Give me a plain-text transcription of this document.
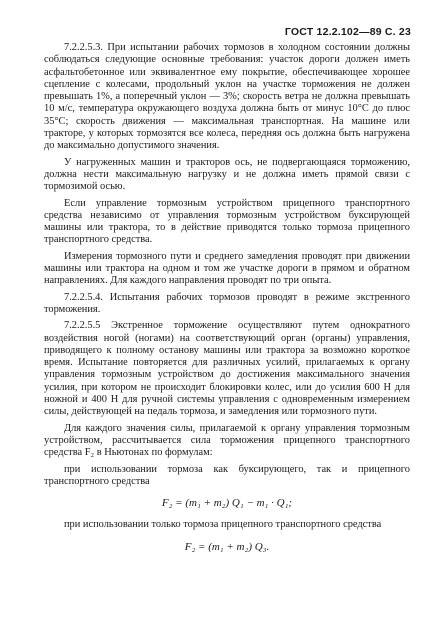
ГОСТ 12.2.102—89 С. 23

7.2.2.5.3. При испытании рабочих тормозов в холодном состоянии должны соблюдаться следующие основные требования: участок дороги должен иметь асфальтобетонное или эквивалентное ему покрытие, обеспечивающее хорошее сцепление с колесами, продольный уклон на участке торможения не должен превышать 1%, а поперечный уклон — 3%; скорость ветра не должна превышать 10 м/с, температура окружающего воздуха должна быть от минус 10°С до плюс 35°С; скорость движения — максимальная транспортная. На машине или тракторе, у которых тормозятся все колеса, передняя ось должна быть нагружена до максимально допустимого значения.

У нагруженных машин и тракторов ось, не подвергающаяся торможению, должна нести максимальную нагрузку и не должна иметь прямой связи с тормозимой осью.

Если управление тормозным устройством прицепного транспортного средства независимо от управления тормозным устройством буксирующей машины или трактора, то в действие приводятся только тормоза прицепного транспортного средства.

Измерения тормозного пути и среднего замедления проводят при движении машины или трактора на одном и том же участке дороги в прямом и обратном направлениях. Для каждого направления проводят по три опыта.

7.2.2.5.4. Испытания рабочих тормозов проводят в режиме экстренного торможения.

7.2.2.5.5 Экстренное торможение осуществляют путем однократного воздействия ногой (ногами) на соответствующий орган (органы) управления, приводящего к полному останову машины или трактора за возможно короткое время. Испытание повторяется для различных усилий, прилагаемых к органу управления тормозным устройством до достижения максимального значения усилия, при котором не происходит блокировки колес, или до усилия 600 Н для ножной и 400 Н для ручной системы управления с одновременным измерением силы, действующей на педаль тормоза, и замедления или тормозного пути.

Для каждого значения силы, прилагаемой к органу управления тормозным устройством, рассчитывается сила торможения прицепного транспортного средства F₂ в Ньютонах по формулам:

при использовании тормоза как буксирующего, так и прицепного транспортного средства

F₂ = (m₁ + m₂) Q₁ − m₁ · Q₁;

при использовании только тормоза прицепного транспортного средства

F₂ = (m₁ + m₂) Q₃.
